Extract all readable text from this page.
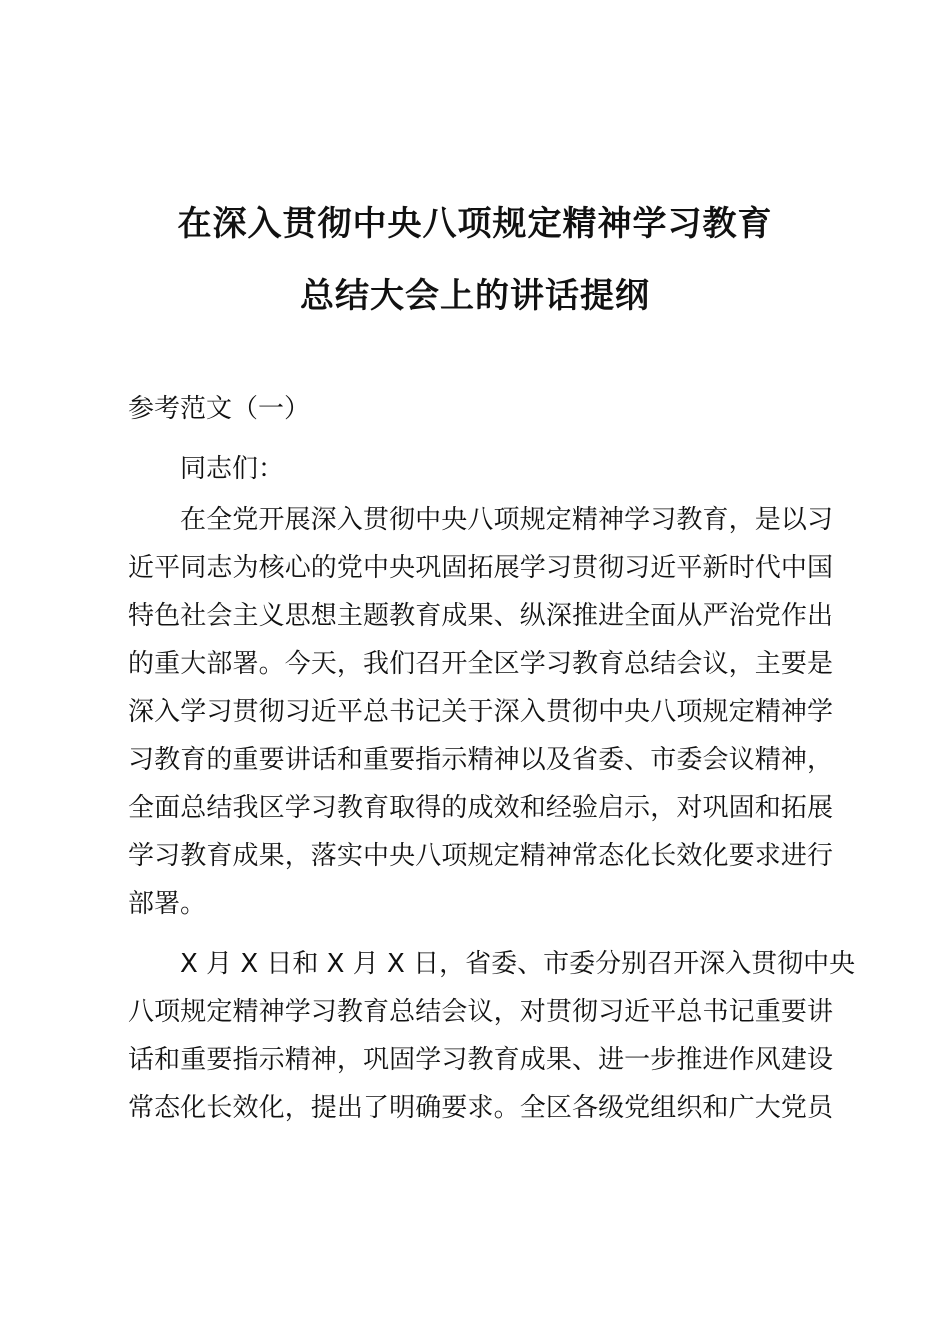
在深入贯彻中央八项规定精神学习教育
总结大会上的讲话提纲
参考范文（一）
同志们：
在全党开展深入贯彻中央八项规定精神学习教育，是以习
近平同志为核心的党中央巩固拓展学习贯彻习近平新时代中国
特色社会主义思想主题教育成果、纵深推进全面从严治党作出
的重大部署。今天，我们召开全区学习教育总结会议，主要是
深入学习贯彻习近平总书记关于深入贯彻中央八项规定精神学
习教育的重要讲话和重要指示精神以及省委、市委会议精神，
全面总结我区学习教育取得的成效和经验启示，对巩固和拓展
学习教育成果，落实中央八项规定精神常态化长效化要求进行
部署。
X 月 X 日和 X 月 X 日，省委、市委分别召开深入贯彻中央
八项规定精神学习教育总结会议，对贯彻习近平总书记重要讲
话和重要指示精神，巩固学习教育成果、进一步推进作风建设
常态化长效化，提出了明确要求。全区各级党组织和广大党员
